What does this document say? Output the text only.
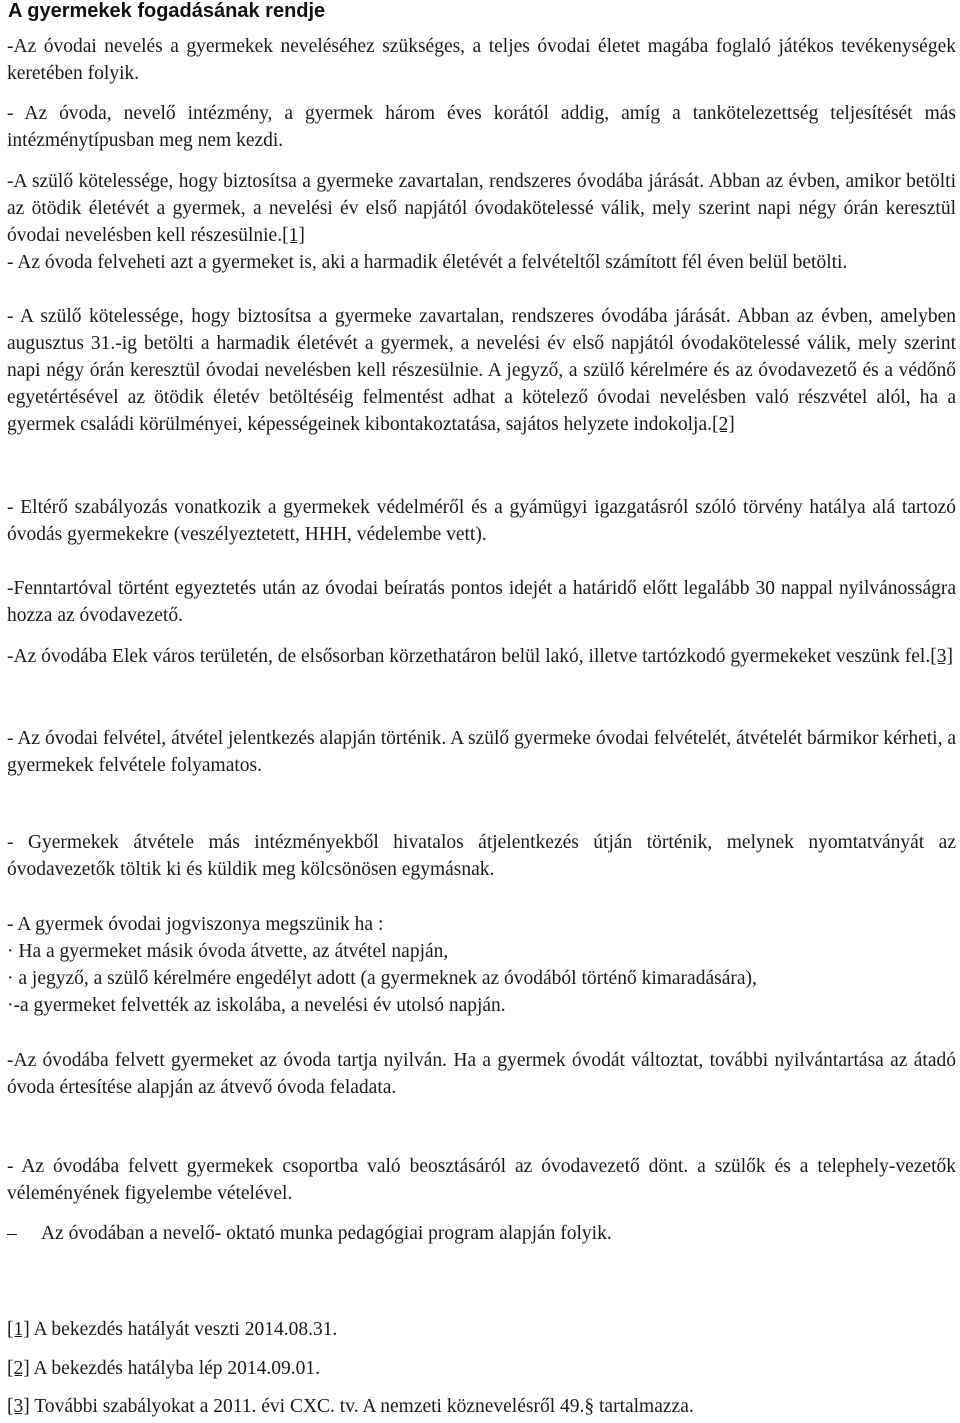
A gyermekek fogadásának rendje

-Az óvodai nevelés a gyermekek neveléséhez szükséges, a teljes óvodai életet magába foglaló játékos tevékenységek keretében folyik.

- Az óvoda, nevelő intézmény, a gyermek három éves korától addig, amíg a tankötelezettség teljesítését más intézménytípusban meg nem kezdi.

-A szülő kötelessége, hogy biztosítsa a gyermeke zavartalan, rendszeres óvodába járását. Abban az évben, amikor betölti az ötödik életévét a gyermek, a nevelési év első napjától óvodakötelessé válik, mely szerint napi négy órán keresztül óvodai nevelésben kell részesülnie.[1]

- Az óvoda felveheti azt a gyermeket is, aki a harmadik életévét a felvételtől számított fél éven belül betölti.

- A szülő kötelessége, hogy biztosítsa a gyermeke zavartalan, rendszeres óvodába járását. Abban az évben, amelyben augusztus 31.-ig betölti a harmadik életévét a gyermek, a nevelési év első napjától óvodakötelessé válik, mely szerint napi négy órán keresztül óvodai nevelésben kell részesülnie. A jegyző, a szülő kérelmére és az óvodavezető és a védőnő egyetértésével az ötödik életév betöltéséig felmentést adhat a kötelező óvodai nevelésben való részvétel alól, ha a gyermek családi körülményei, képességeinek kibontakoztatása, sajátos helyzete indokolja.[2]

- Eltérő szabályozás vonatkozik a gyermekek védelméről és a gyámügyi igazgatásról szóló törvény hatálya alá tartozó óvodás gyermekekre (veszélyeztetett, HHH, védelembe vett).

-Fenntartóval történt egyeztetés után az óvodai beíratás pontos idejét a határidő előtt legalább 30 nappal nyilvánosságra hozza az óvodavezető.

-Az óvodába Elek város területén, de elsősorban körzethatáron belül lakó, illetve tartózkodó gyermekeket veszünk fel.[3]

- Az óvodai felvétel, átvétel jelentkezés alapján történik. A szülő gyermeke óvodai felvételét, átvételét bármikor kérheti, a gyermekek felvétele folyamatos.

- Gyermekek átvétele más intézményekből hivatalos átjelentkezés útján történik, melynek nyomtatványát az óvodavezetők töltik ki és küldik meg kölcsönösen egymásnak.

- A gyermek óvodai jogviszonya megszünik ha :

· Ha a gyermeket másik óvoda átvette, az átvétel napján,

· a jegyző, a szülő kérelmére engedélyt adott (a gyermeknek az óvodából történő kimaradására),

·-a gyermeket felvették az iskolába, a nevelési év utolsó napján.

-Az óvodába felvett gyermeket az óvoda tartja nyilván. Ha a gyermek óvodát változtat, további nyilvántartása az átadó óvoda értesítése alapján az átvevő óvoda feladata.

- Az óvodába felvett gyermekek csoportba való beosztásáról az óvodavezető dönt. a szülők és a telephely-vezetők véleményének figyelembe vételével.

– Az óvodában a nevelő- oktató munka pedagógiai program alapján folyik.

[1] A bekezdés hatályát veszti 2014.08.31.

[2] A bekezdés hatályba lép 2014.09.01.

[3] További szabályokat a 2011. évi CXC. tv. A nemzeti köznevelésről 49.§ tartalmazza.
